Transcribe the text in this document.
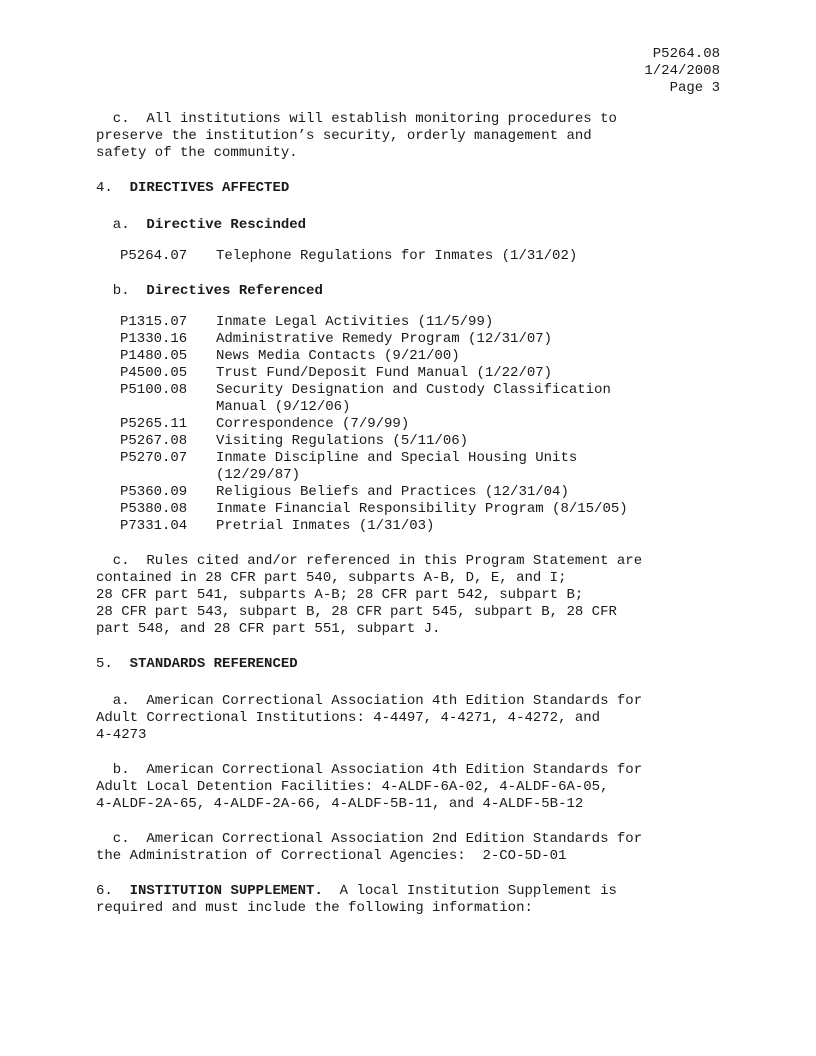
P5264.08
1/24/2008
Page 3
c.  All institutions will establish monitoring procedures to
preserve the institution’s security, orderly management and
safety of the community.
4. DIRECTIVES AFFECTED
a. Directive Rescinded
P5264.07	Telephone Regulations for Inmates (1/31/02)
b. Directives Referenced
P1315.07	Inmate Legal Activities (11/5/99)
P1330.16	Administrative Remedy Program (12/31/07)
P1480.05	News Media Contacts (9/21/00)
P4500.05	Trust Fund/Deposit Fund Manual (1/22/07)
P5100.08	Security Designation and Custody Classification
Manual (9/12/06)
P5265.11	Correspondence (7/9/99)
P5267.08	Visiting Regulations (5/11/06)
P5270.07	Inmate Discipline and Special Housing Units
(12/29/87)
P5360.09	Religious Beliefs and Practices (12/31/04)
P5380.08	Inmate Financial Responsibility Program (8/15/05)
P7331.04	Pretrial Inmates (1/31/03)
c.  Rules cited and/or referenced in this Program Statement are
contained in 28 CFR part 540, subparts A-B, D, E, and I;
28 CFR part 541, subparts A-B; 28 CFR part 542, subpart B;
28 CFR part 543, subpart B, 28 CFR part 545, subpart B, 28 CFR
part 548, and 28 CFR part 551, subpart J.
5. STANDARDS REFERENCED
a.  American Correctional Association 4th Edition Standards for
Adult Correctional Institutions: 4-4497, 4-4271, 4-4272, and
4-4273
b.  American Correctional Association 4th Edition Standards for
Adult Local Detention Facilities: 4-ALDF-6A-02, 4-ALDF-6A-05,
4-ALDF-2A-65, 4-ALDF-2A-66, 4-ALDF-5B-11, and 4-ALDF-5B-12
c.  American Correctional Association 2nd Edition Standards for
the Administration of Correctional Agencies:  2-CO-5D-01
6. INSTITUTION SUPPLEMENT.  A local Institution Supplement is
required and must include the following information:
